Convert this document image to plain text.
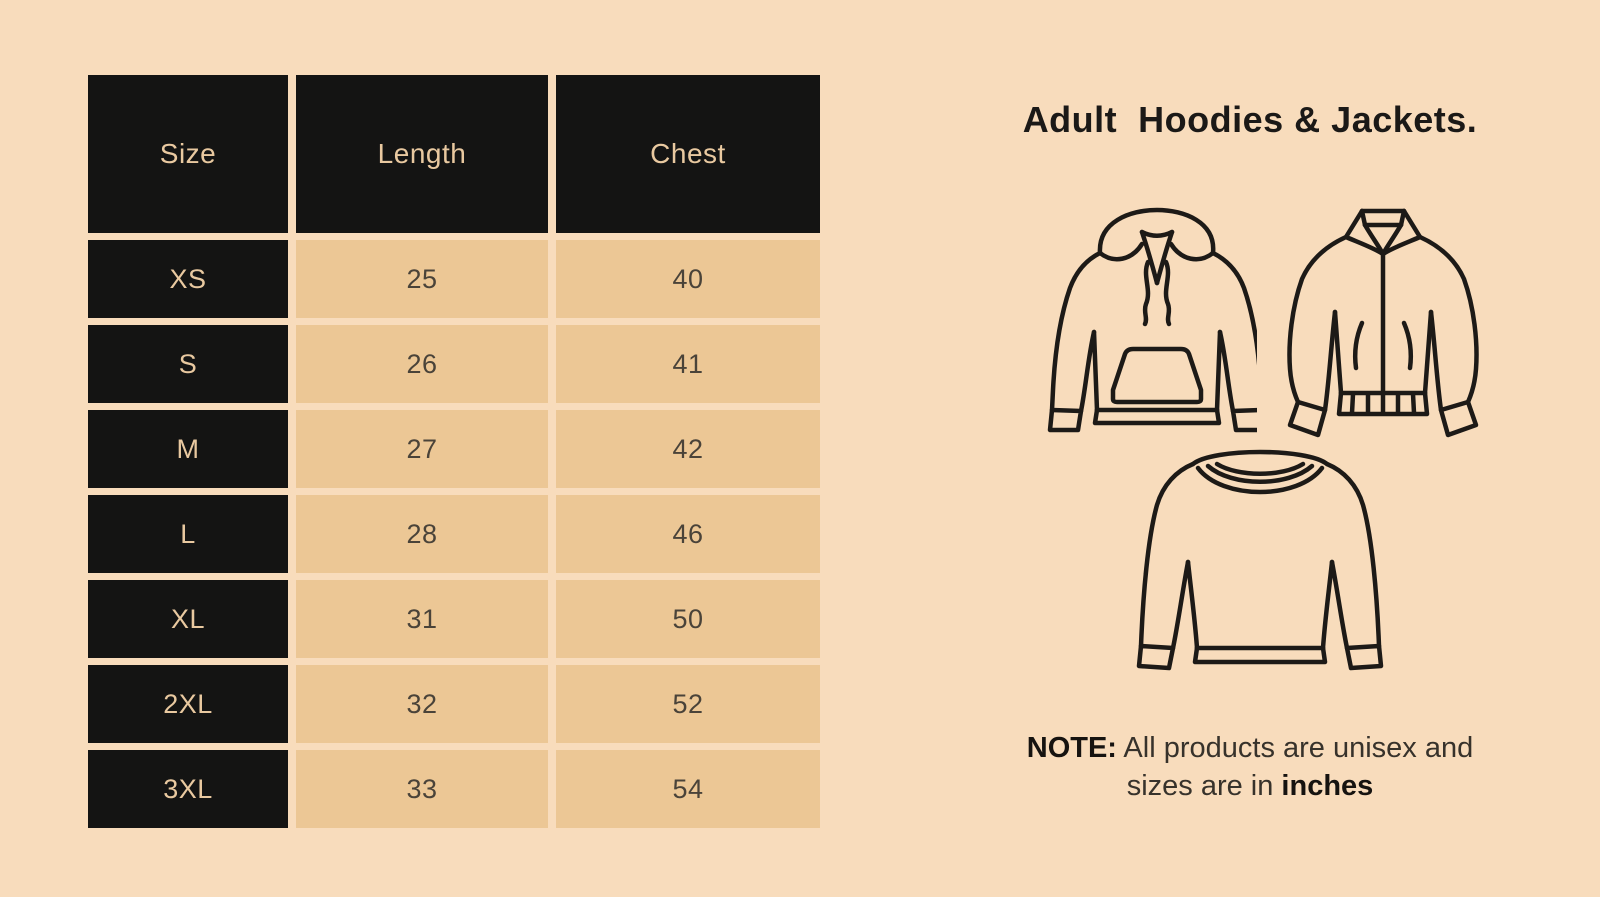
Size	Length	Chest
XS	25	40
S	26	41
M	27	42
L	28	46
XL	31	50
2XL	32	52
3XL	33	54
Adult  Hoodies & Jackets.
NOTE: All products are unisex and
sizes are in inches
